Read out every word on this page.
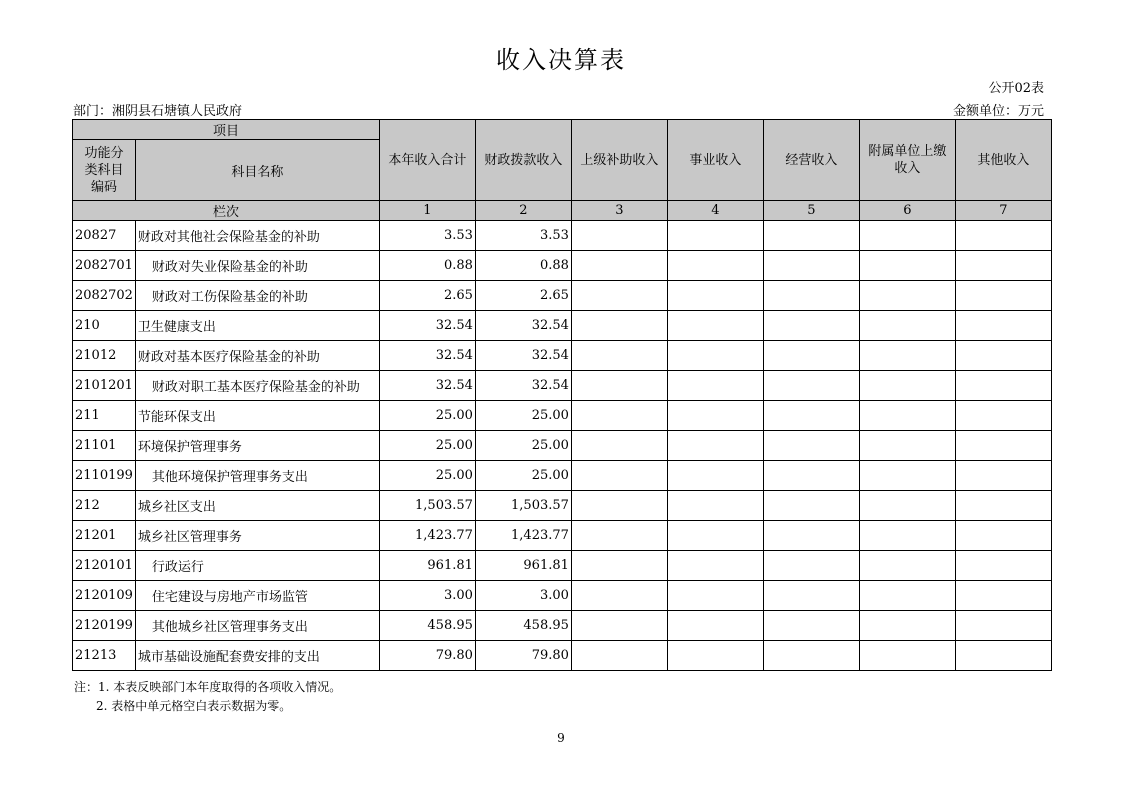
收入决算表
公开02表
部门：湘阴县石塘镇人民政府	金额单位：万元
项目		本年收入合计	财政拨款收入	上级补助收入	事业收入	经营收入	附属单位上缴收入	其他收入
功能分类科目编码	科目名称							
栏次		1	2	3	4	5	6	7
20827	财政对其他社会保险基金的补助	3.53	3.53					
2082701	财政对失业保险基金的补助	0.88	0.88					
2082702	财政对工伤保险基金的补助	2.65	2.65					
210	卫生健康支出	32.54	32.54					
21012	财政对基本医疗保险基金的补助	32.54	32.54					
2101201	财政对职工基本医疗保险基金的补助	32.54	32.54					
211	节能环保支出	25.00	25.00					
21101	环境保护管理事务	25.00	25.00					
2110199	其他环境保护管理事务支出	25.00	25.00					
212	城乡社区支出	1,503.57	1,503.57					
21201	城乡社区管理事务	1,423.77	1,423.77					
2120101	行政运行	961.81	961.81					
2120109	住宅建设与房地产市场监管	3.00	3.00					
2120199	其他城乡社区管理事务支出	458.95	458.95					
21213	城市基础设施配套费安排的支出	79.80	79.80					
注：1. 本表反映部门本年度取得的各项收入情况。
2. 表格中单元格空白表示数据为零。
9
